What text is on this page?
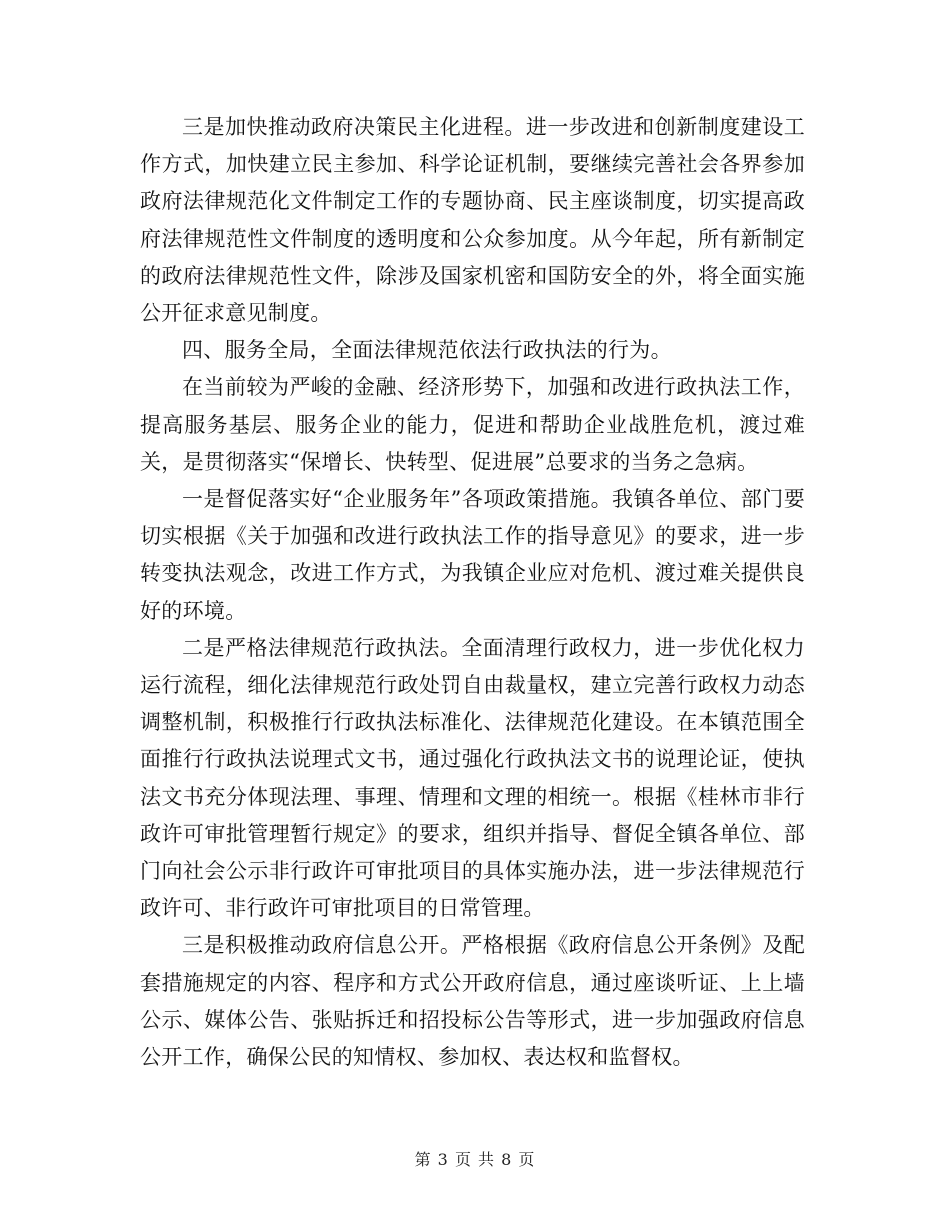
三是加快推动政府决策民主化进程。进一步改进和创新制度建设工作方式，加快建立民主参加、科学论证机制，要继续完善社会各界参加政府法律规范化文件制定工作的专题协商、民主座谈制度，切实提高政府法律规范性文件制度的透明度和公众参加度。从今年起，所有新制定的政府法律规范性文件，除涉及国家机密和国防安全的外，将全面实施公开征求意见制度。

四、服务全局，全面法律规范依法行政执法的行为。

在当前较为严峻的金融、经济形势下，加强和改进行政执法工作，提高服务基层、服务企业的能力，促进和帮助企业战胜危机，渡过难关，是贯彻落实“保增长、快转型、促进展”总要求的当务之急病。

一是督促落实好“企业服务年”各项政策措施。我镇各单位、部门要切实根据《关于加强和改进行政执法工作的指导意见》的要求，进一步转变执法观念，改进工作方式，为我镇企业应对危机、渡过难关提供良好的环境。

二是严格法律规范行政执法。全面清理行政权力，进一步优化权力运行流程，细化法律规范行政处罚自由裁量权，建立完善行政权力动态调整机制，积极推行行政执法标准化、法律规范化建设。在本镇范围全面推行行政执法说理式文书，通过强化行政执法文书的说理论证，使执法文书充分体现法理、事理、情理和文理的相统一。根据《桂林市非行政许可审批管理暂行规定》的要求，组织并指导、督促全镇各单位、部门向社会公示非行政许可审批项目的具体实施办法，进一步法律规范行政许可、非行政许可审批项目的日常管理。

三是积极推动政府信息公开。严格根据《政府信息公开条例》及配套措施规定的内容、程序和方式公开政府信息，通过座谈听证、上上墙公示、媒体公告、张贴拆迁和招投标公告等形式，进一步加强政府信息公开工作，确保公民的知情权、参加权、表达权和监督权。

第 3 页 共 8 页
